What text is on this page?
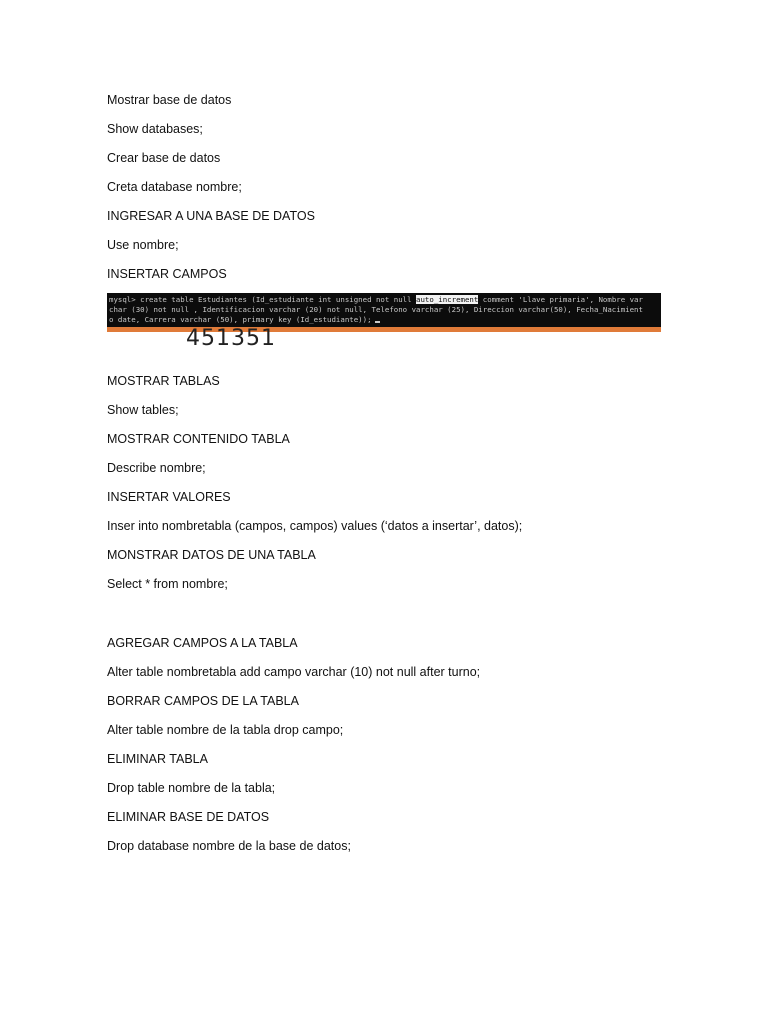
Mostrar base de datos
Show databases;
Crear base de datos
Creta database nombre;
INGRESAR A UNA BASE DE DATOS
Use nombre;
INSERTAR CAMPOS
mysql> create table Estudiantes (Id_estudiante int unsigned not null auto_increment comment 'Llave primaria', Nombre var
char (30) not null , Identificacion varchar (20) not null, Telefono varchar (25), Direccion varchar(50), Fecha_Nacimient
o date, Carrera varchar (50), primary key (Id_estudiante));
451351
MOSTRAR TABLAS
Show tables;
MOSTRAR CONTENIDO TABLA
Describe nombre;
INSERTAR VALORES
Inser into nombretabla (campos, campos) values (‘datos a insertar’, datos);
MONSTRAR DATOS DE UNA TABLA
Select * from nombre;
AGREGAR CAMPOS A LA TABLA
Alter table nombretabla add campo varchar (10) not null after turno;
BORRAR CAMPOS DE LA TABLA
Alter table nombre de la tabla drop campo;
ELIMINAR TABLA
Drop table nombre de la tabla;
ELIMINAR BASE DE DATOS
Drop database nombre de la base de datos;
